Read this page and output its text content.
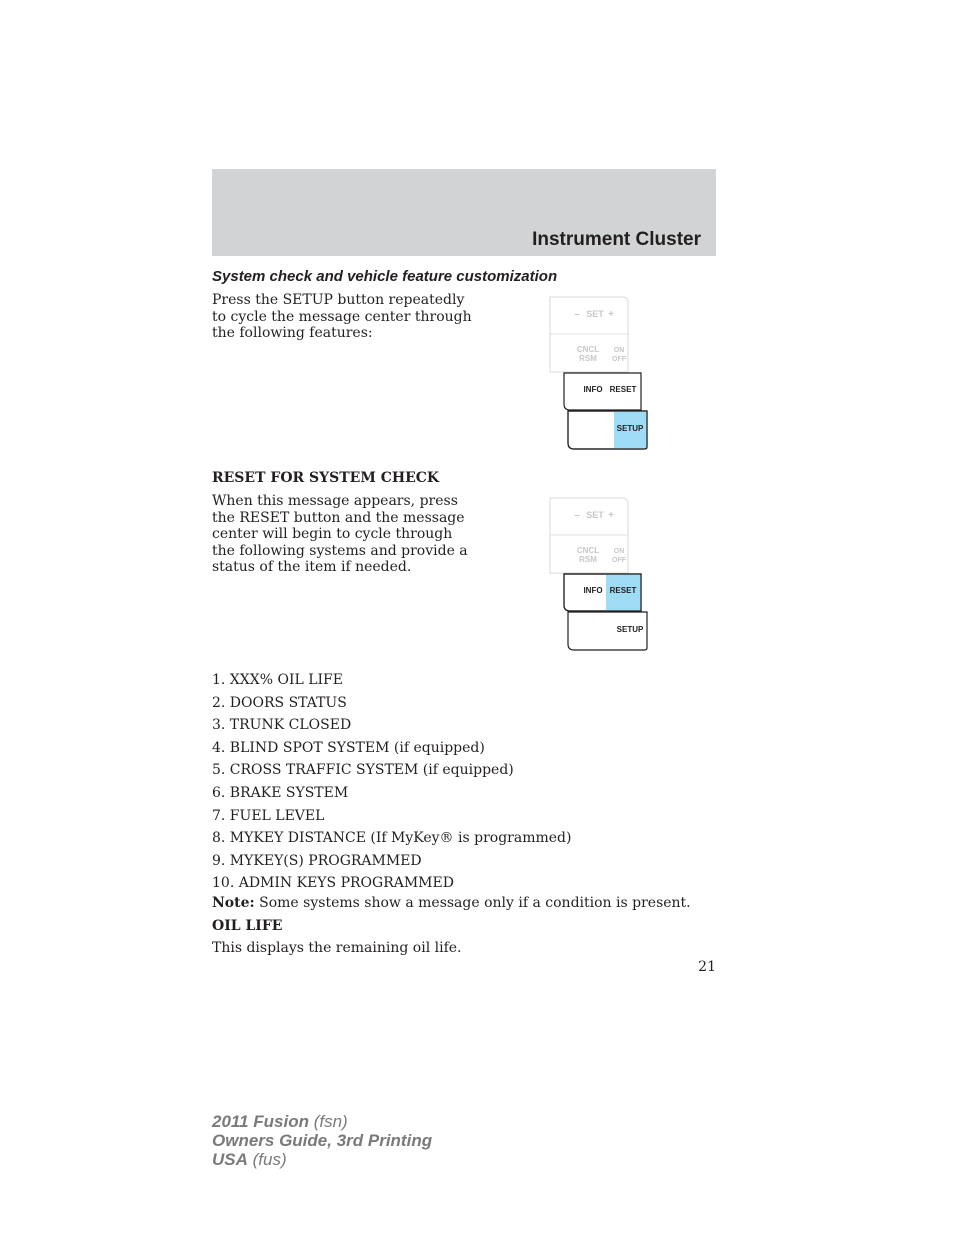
Instrument Cluster
System check and vehicle feature customization
Press the SETUP button repeatedly to cycle the message center through the following features:
– SET +
CNCL
RSM
ON
OFF
INFO RESET
SETUP
RESET FOR SYSTEM CHECK
When this message appears, press the RESET button and the message center will begin to cycle through the following systems and provide a status of the item if needed.
– SET +
CNCL
RSM
ON
OFF
INFO RESET
SETUP
1. XXX% OIL LIFE
2. DOORS STATUS
3. TRUNK CLOSED
4. BLIND SPOT SYSTEM (if equipped)
5. CROSS TRAFFIC SYSTEM (if equipped)
6. BRAKE SYSTEM
7. FUEL LEVEL
8. MYKEY DISTANCE (If MyKey® is programmed)
9. MYKEY(S) PROGRAMMED
10. ADMIN KEYS PROGRAMMED
Note: Some systems show a message only if a condition is present.
OIL LIFE
This displays the remaining oil life.
21
2011 Fusion (fsn)
Owners Guide, 3rd Printing
USA (fus)
